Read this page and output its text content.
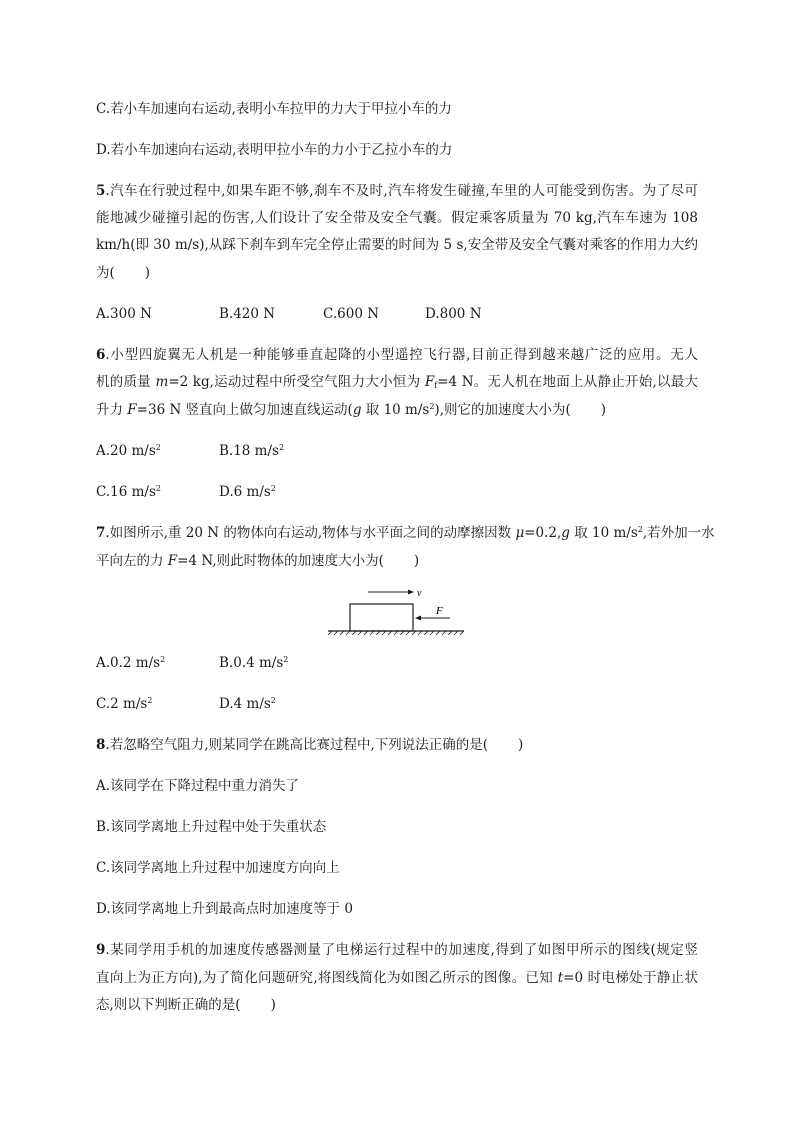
C.若小车加速向右运动,表明小车拉甲的力大于甲拉小车的力
D.若小车加速向右运动,表明甲拉小车的力小于乙拉小车的力
5.汽车在行驶过程中,如果车距不够,刹车不及时,汽车将发生碰撞,车里的人可能受到伤害。为了尽可
能地减少碰撞引起的伤害,人们设计了安全带及安全气囊。假定乘客质量为 70 kg,汽车车速为 108
km/h(即 30 m/s),从踩下刹车到车完全停止需要的时间为 5 s,安全带及安全气囊对乘客的作用力大约
为( )
A.300 N	B.420 N	C.600 N	D.800 N
6.小型四旋翼无人机是一种能够垂直起降的小型遥控飞行器,目前正得到越来越广泛的应用。无人
机的质量 m=2 kg,运动过程中所受空气阻力大小恒为 $F_f=4$ N。无人机在地面上从静止开始,以最大
升力 F=36 N 竖直向上做匀加速直线运动(g 取 10 $m/s^2$),则它的加速度大小为( )
A.20 $m/s^2$	B.18 $m/s^2$
C.16 $m/s^2$	D.6 $m/s^2$
7.如图所示,重 20 N 的物体向右运动,物体与水平面之间的动摩擦因数 μ=0.2,g 取 10 $m/s^2$,若外加一水
平向左的力 F=4 N,则此时物体的加速度大小为( )
v
F
A.0.2 $m/s^2$	B.0.4 $m/s^2$
C.2 $m/s^2$	D.4 $m/s^2$
8.若忽略空气阻力,则某同学在跳高比赛过程中,下列说法正确的是( )
A.该同学在下降过程中重力消失了
B.该同学离地上升过程中处于失重状态
C.该同学离地上升过程中加速度方向向上
D.该同学离地上升到最高点时加速度等于 0
9.某同学用手机的加速度传感器测量了电梯运行过程中的加速度,得到了如图甲所示的图线(规定竖
直向上为正方向),为了简化问题研究,将图线简化为如图乙所示的图像。已知 t=0 时电梯处于静止状
态,则以下判断正确的是( )
